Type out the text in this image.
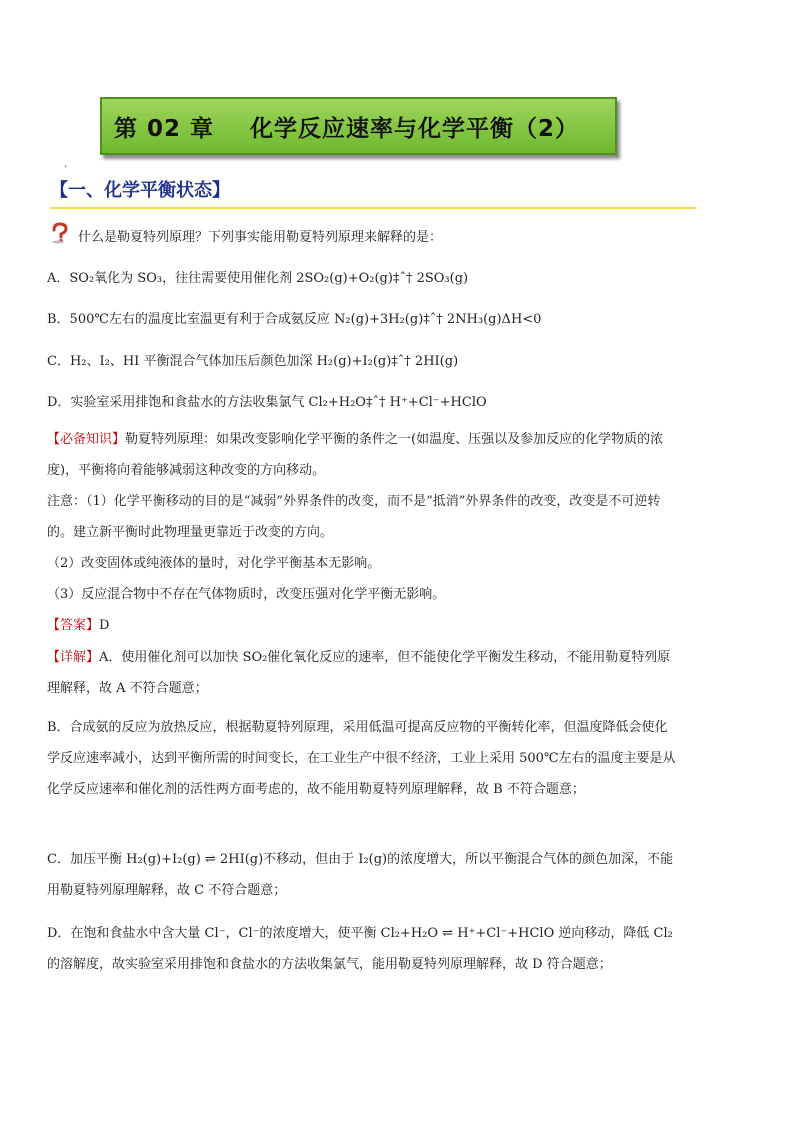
第 02 章    化学反应速率与化学平衡（2）
·
【一、化学平衡状态】
什么是勒夏特列原理？下列事实能用勒夏特列原理来解释的是：
A．SO₂氧化为 SO₃，往往需要使用催化剂 2SO₂(g)+O₂(g)‡ˆ† 2SO₃(g)
B．500℃左右的温度比室温更有利于合成氨反应 N₂(g)+3H₂(g)‡ˆ† 2NH₃(g)ΔH<0
C．H₂、I₂、HI 平衡混合气体加压后颜色加深 H₂(g)+I₂(g)‡ˆ† 2HI(g)
D．实验室采用排饱和食盐水的方法收集氯气 Cl₂+H₂O‡ˆ† H⁺+Cl⁻+HClO

【必备知识】勒夏特列原理：如果改变影响化学平衡的条件之一(如温度、压强以及参加反应的化学物质的浓度)，平衡将向着能够减弱这种改变的方向移动。

注意：（1）化学平衡移动的目的是“减弱”外界条件的改变，而不是“抵消”外界条件的改变，改变是不可逆转的。建立新平衡时此物理量更靠近于改变的方向。

（2）改变固体或纯液体的量时，对化学平衡基本无影响。

（3）反应混合物中不存在气体物质时，改变压强对化学平衡无影响。

【答案】D

【详解】A．使用催化剂可以加快 SO₂催化氧化反应的速率，但不能使化学平衡发生移动，不能用勒夏特列原理解释，故 A 不符合题意；

B．合成氨的反应为放热反应，根据勒夏特列原理，采用低温可提高反应物的平衡转化率，但温度降低会使化学反应速率减小，达到平衡所需的时间变长，在工业生产中很不经济，工业上采用 500℃左右的温度主要是从化学反应速率和催化剂的活性两方面考虑的，故不能用勒夏特列原理解释，故 B 不符合题意；

C．加压平衡 H₂(g)+I₂(g) ⇌ 2HI(g)不移动，但由于 I₂(g)的浓度增大，所以平衡混合气体的颜色加深，不能用勒夏特列原理解释，故 C 不符合题意；

D．在饱和食盐水中含大量 Cl⁻，Cl⁻的浓度增大，使平衡 Cl₂+H₂O ⇌ H⁺+Cl⁻+HClO 逆向移动，降低 Cl₂的溶解度，故实验室采用排饱和食盐水的方法收集氯气，能用勒夏特列原理解释，故 D 符合题意；
